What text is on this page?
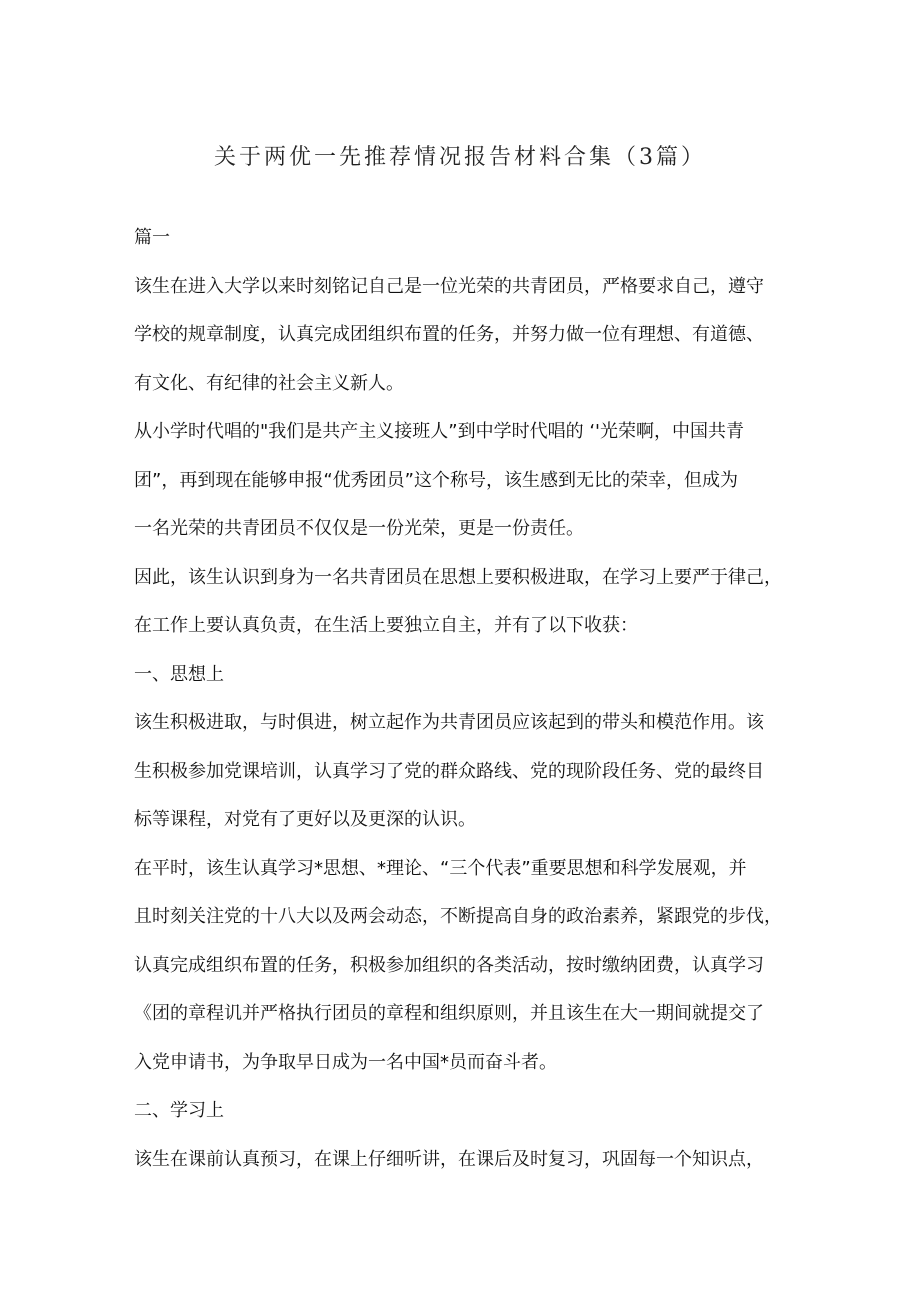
关于两优一先推荐情况报告材料合集（3篇）
篇一
该生在进入大学以来时刻铭记自己是一位光荣的共青团员，严格要求自己，遵守
学校的规章制度，认真完成团组织布置的任务，并努力做一位有理想、有道德、
有文化、有纪律的社会主义新人。
从小学时代唱的"我们是共产主义接班人”到中学时代唱的 ‘'光荣啊，中国共青
团”，再到现在能够申报“优秀团员”这个称号，该生感到无比的荣幸，但成为
一名光荣的共青团员不仅仅是一份光荣，更是一份责任。
因此，该生认识到身为一名共青团员在思想上要积极进取，在学习上要严于律己，
在工作上要认真负责，在生活上要独立自主，并有了以下收获：
一、思想上
该生积极进取，与时俱进，树立起作为共青团员应该起到的带头和模范作用。该
生积极参加党课培训，认真学习了党的群众路线、党的现阶段任务、党的最终目
标等课程，对党有了更好以及更深的认识。
在平时，该生认真学习*思想、*理论、“三个代表”重要思想和科学发展观，并
且时刻关注党的十八大以及两会动态，不断提高自身的政治素养，紧跟党的步伐，
认真完成组织布置的任务，积极参加组织的各类活动，按时缴纳团费，认真学习
《团的章程讥并严格执行团员的章程和组织原则，并且该生在大一期间就提交了
入党申请书，为争取早日成为一名中国*员而奋斗者。
二、学习上
该生在课前认真预习，在课上仔细听讲，在课后及时复习，巩固每一个知识点，
